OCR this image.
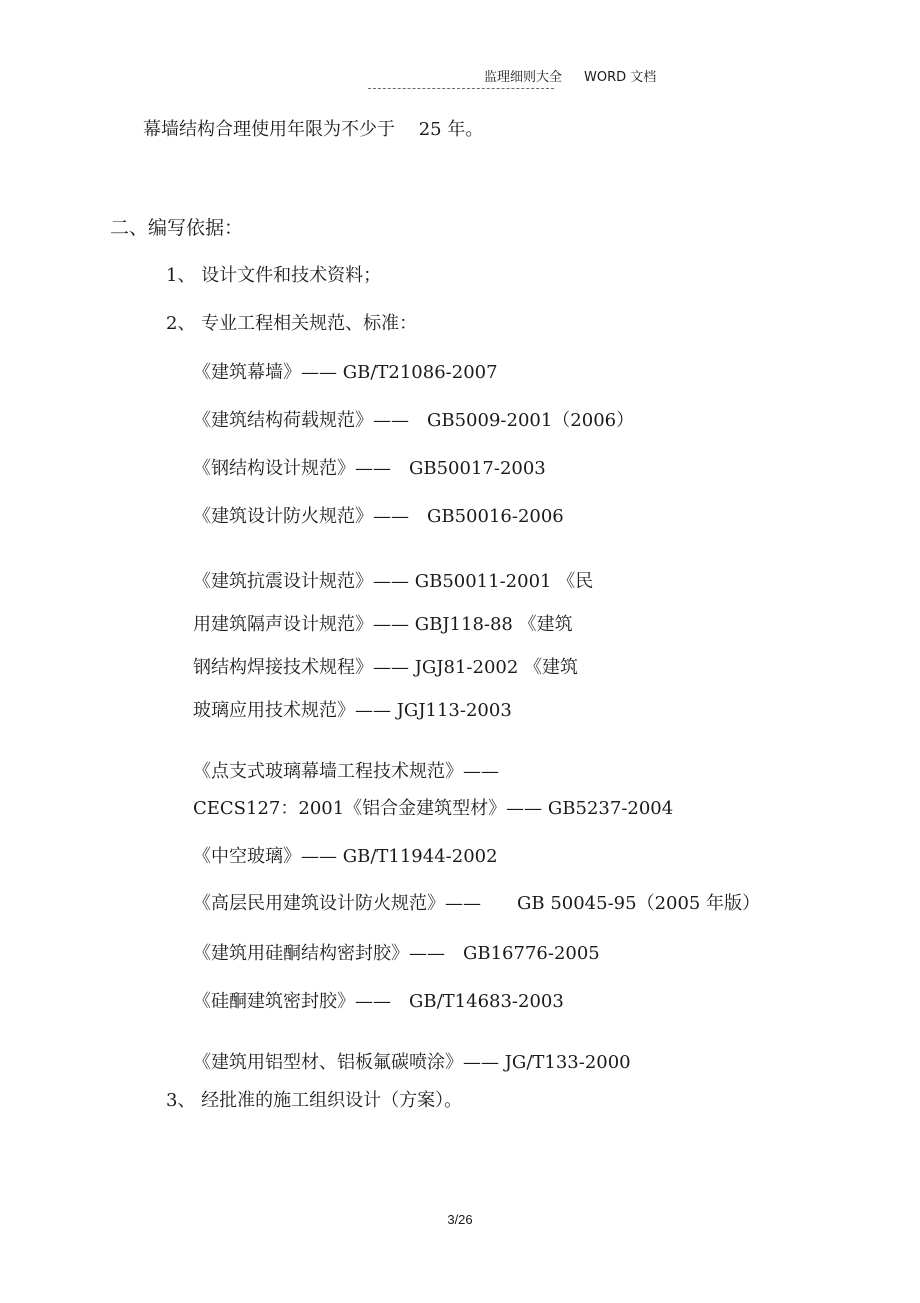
监理细则大全 WORD 文档
幕墙结构合理使用年限为不少于　 25 年。
二、编写依据：
1、 设计文件和技术资料；
2、 专业工程相关规范、标准：
《建筑幕墙》—— GB/T21086-2007
《建筑结构荷载规范》——　GB5009-2001（2006）
《钢结构设计规范》——　GB50017-2003
《建筑设计防火规范》——　GB50016-2006
《建筑抗震设计规范》—— GB50011-2001 《民
用建筑隔声设计规范》—— GBJ118-88 《建筑
钢结构焊接技术规程》—— JGJ81-2002 《建筑
玻璃应用技术规范》—— JGJ113-2003
《点支式玻璃幕墙工程技术规范》——
CECS127：2001《铝合金建筑型材》—— GB5237-2004
《中空玻璃》—— GB/T11944-2002
《高层民用建筑设计防火规范》——　　GB 50045-95（2005 年版）
《建筑用硅酮结构密封胶》——　GB16776-2005
《硅酮建筑密封胶》——　GB/T14683-2003
《建筑用铝型材、铝板氟碳喷涂》—— JG/T133-2000
3、 经批准的施工组织设计（方案）。
3/26
